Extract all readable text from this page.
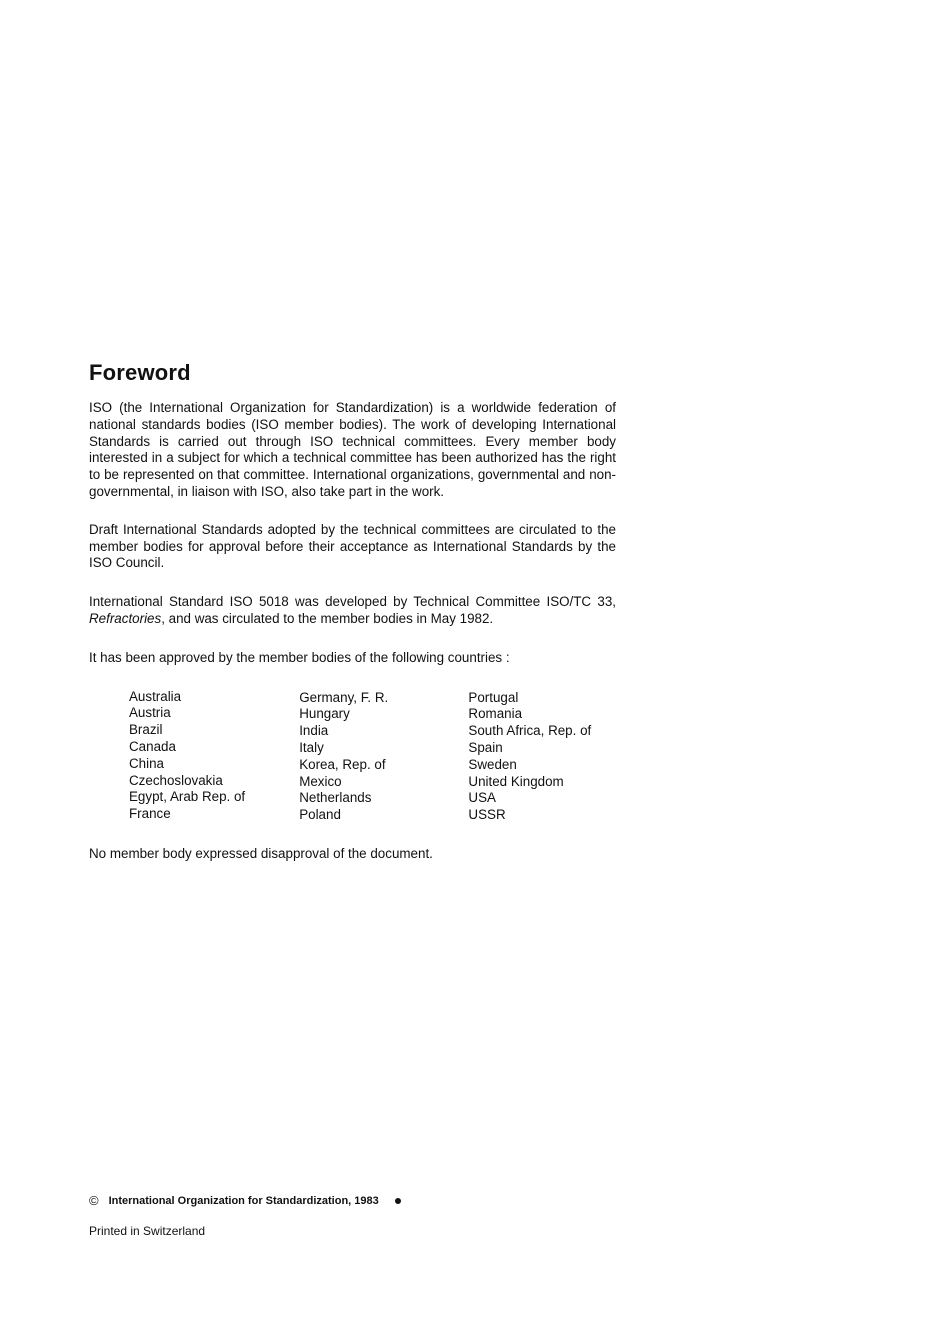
Foreword

ISO (the International Organization for Standardization) is a worldwide federation of national standards bodies (ISO member bodies). The work of developing International Standards is carried out through ISO technical committees. Every member body interested in a subject for which a technical committee has been authorized has the right to be represented on that committee. International organizations, governmental and non-governmental, in liaison with ISO, also take part in the work.

Draft International Standards adopted by the technical committees are circulated to the member bodies for approval before their acceptance as International Standards by the ISO Council.

International Standard ISO 5018 was developed by Technical Committee ISO/TC 33, Refractories, and was circulated to the member bodies in May 1982.

It has been approved by the member bodies of the following countries :

Australia
Austria
Brazil
Canada
China
Czechoslovakia
Egypt, Arab Rep. of
France
Germany, F. R.
Hungary
India
Italy
Korea, Rep. of
Mexico
Netherlands
Poland
Portugal
Romania
South Africa, Rep. of
Spain
Sweden
United Kingdom
USA
USSR

No member body expressed disapproval of the document.

© International Organization for Standardization, 1983
Printed in Switzerland
